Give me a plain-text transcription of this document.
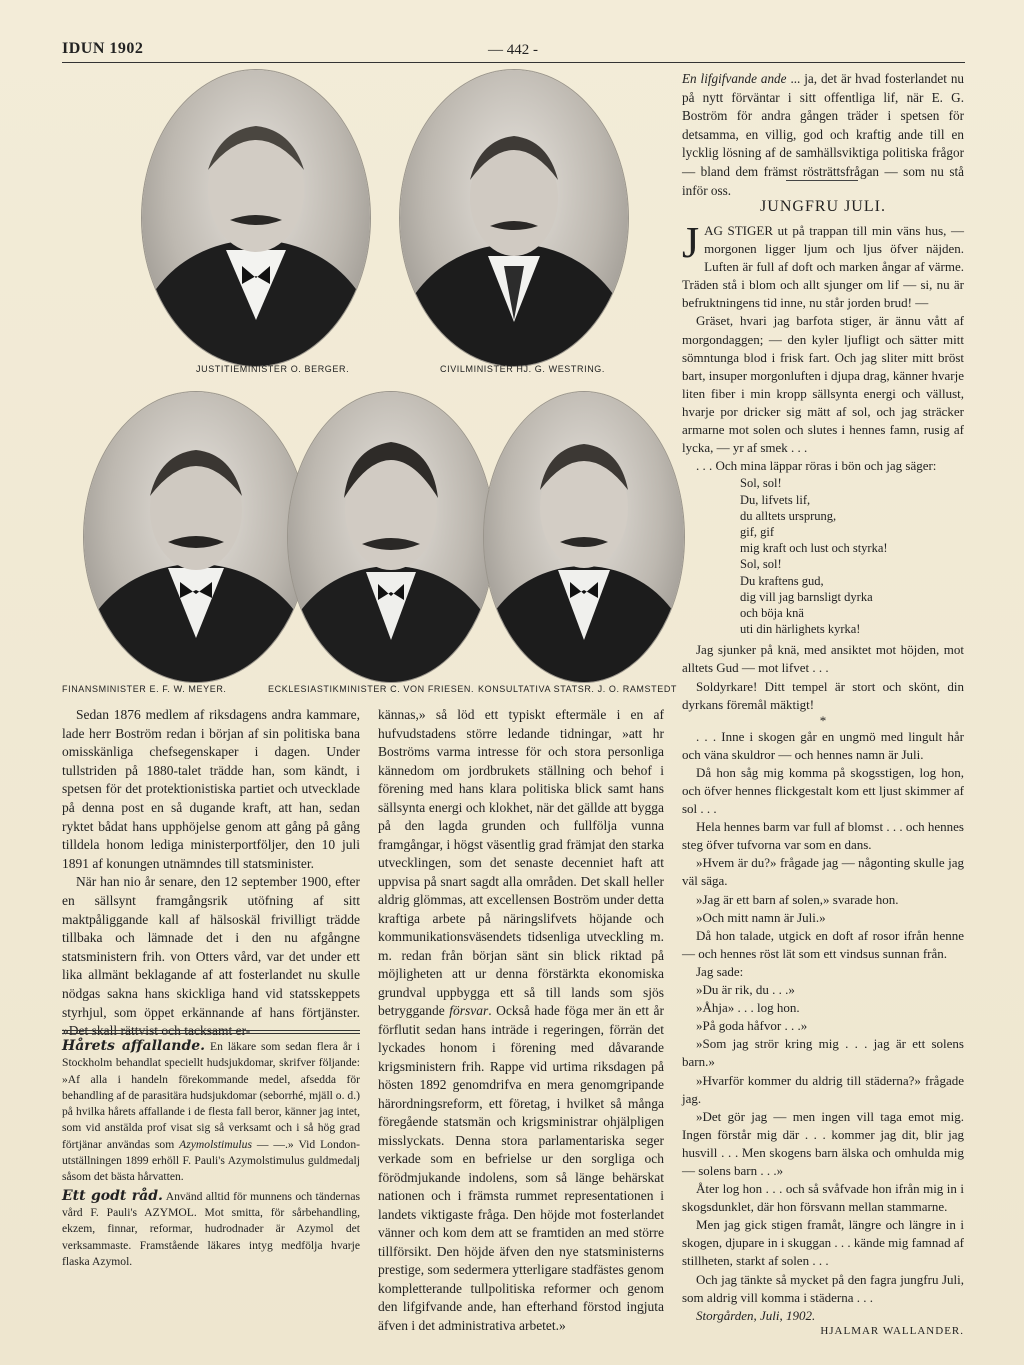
IDUN 1902	— 442 -
JUSTITIEMINISTER O. BERGER.	CIVILMINISTER HJ. G. WESTRING.
FINANSMINISTER E. F. W. MEYER.	ECKLESIASTIKMINISTER C. VON FRIESEN. KONSULTATIVA STATSR. J. O. RAMSTEDT

En lifgifvande ande ... ja, det är hvad fosterlandet nu på nytt förväntar i sitt offentliga lif, när E. G. Boström för andra gången träder i spetsen för detsamma, en villig, god och kraftig ande till en lycklig lösning af de samhällsviktiga politiska frågor — bland dem främst rösträttsfrågan — som nu stå inför oss.

JUNGFRU JULI.

JAG STIGER ut på trappan till min väns hus, — morgonen ligger ljum och ljus öfver näjden. Luften är full af doft och marken ångar af värme. Träden stå i blom och allt sjunger om lif — si, nu är befruktningens tid inne, nu står jorden brud! —

Gräset, hvari jag barfota stiger, är ännu vått af morgondaggen; — den kyler ljufligt och sätter mitt sömntunga blod i frisk fart. Och jag sliter mitt bröst bart, insuper morgonluften i djupa drag, känner hvarje liten fiber i min kropp sällsynta energi och vällust, hvarje por dricker sig mätt af sol, och jag sträcker armarne mot solen och slutes i hennes famn, rusig af lycka, — yr af smek . . .

. . . Och mina läppar röras i bön och jag säger:

Sol, sol!
Du, lifvets lif,
du alltets ursprung,
gif, gif
mig kraft och lust och styrka!
Sol, sol!
Du kraftens gud,
dig vill jag barnsligt dyrka
och böja knä
uti din härlighets kyrka!

Jag sjunker på knä, med ansiktet mot höjden, mot alltets Gud — mot lifvet . . .

Soldyrkare! Ditt tempel är stort och skönt, din dyrkans föremål mäktigt!

*

. . . Inne i skogen går en ungmö med lingult hår och väna skuldror — och hennes namn är Juli.

Då hon såg mig komma på skogsstigen, log hon, och öfver hennes flickgestalt kom ett ljust skimmer af sol . . .

Hela hennes barm var full af blomst . . . och hennes steg öfver tufvorna var som en dans.

»Hvem är du?» frågade jag — någonting skulle jag väl säga.

»Jag är ett barn af solen,» svarade hon.

»Och mitt namn är Juli.»

Då hon talade, utgick en doft af rosor ifrån henne — och hennes röst lät som ett vindsus sunnan från.

Jag sade:

»Du är rik, du . . .»

»Åhja» . . . log hon.

»På goda håfvor . . .»

»Som jag strör kring mig . . . jag är ett solens barn.»

»Hvarför kommer du aldrig till städerna?» frågade jag.

»Det gör jag — men ingen vill taga emot mig. Ingen förstår mig där . . . kommer jag dit, blir jag husvill . . . Men skogens barn älska och omhulda mig — solens barn . . .»

Åter log hon . . . och så svåfvade hon ifrån mig in i skogsdunklet, där hon försvann mellan stammarne.

Men jag gick stigen framåt, längre och längre in i skogen, djupare in i skuggan . . . kände mig famnad af stillheten, starkt af solen . . .

Och jag tänkte så mycket på den fagra jungfru Juli, som aldrig vill komma i städerna . . .

Storgården, Juli, 1902.

HJALMAR WALLANDER.

Sedan 1876 medlem af riksdagens andra kammare, lade herr Boström redan i början af sin politiska bana omisskänliga chefsegenskaper i dagen. Under tullstriden på 1880-talet trädde han, som kändt, i spetsen för det protektionistiska partiet och utvecklade på denna post en så dugande kraft, att han, sedan ryktet bådat hans upphöjelse genom att gång på gång tilldela honom lediga ministerportföljer, den 10 juli 1891 af konungen utnämndes till statsminister.

När han nio år senare, den 12 september 1900, efter en sällsynt framgångsrik utöfning af sitt maktpåliggande kall af hälsoskäl frivilligt trädde tillbaka och lämnade det i den nu afgångne statsministern frih. von Otters vård, var det under ett lika allmänt beklagande af att fosterlandet nu skulle nödgas sakna hans skickliga hand vid statsskeppets styrhjul, som öppet erkännande af hans förtjänster. »Det skall rättvist och tacksamt er-

Hårets affallande. En läkare som sedan flera år i Stockholm behandlat speciellt hudsjukdomar, skrifver följande: »Af alla i handeln förekommande medel, afsedda för behandling af de parasitära hudsjukdomar (seborrhé, mjäll o. d.) på hvilka hårets affallande i de flesta fall beror, känner jag intet, som vid anstälda prof visat sig så verksamt och i så hög grad förtjänar användas som Azymolstimulus — —.» Vid London-utställningen 1899 erhöll F. Pauli's Azymolstimulus guldmedalj såsom det bästa hårvatten.

Ett godt råd. Använd alltid för munnens och tändernas vård F. Pauli's AZYMOL. Mot smitta, för sårbehandling, ekzem, finnar, reformar, hudrodnader är Azymol det verksammaste. Framstående läkares intyg medfölja hvarje flaska Azymol.

kännas,» så löd ett typiskt eftermäle i en af hufvudstadens större ledande tidningar, »att hr Boströms varma intresse för och stora personliga kännedom om jordbrukets ställning och behof i förening med hans klara politiska blick samt hans sällsynta energi och klokhet, när det gällde att bygga på den lagda grunden och fullfölja vunna framgångar, i högst väsentlig grad främjat den starka utvecklingen, som det senaste decenniet haft att uppvisa på snart sagdt alla områden. Det skall heller aldrig glömmas, att excellensen Boström under detta kraftiga arbete på näringslifvets höjande och kommunikationsväsendets tidsenliga utveckling m. m. redan från början sänt sin blick riktad på möjligheten att ur denna förstärkta ekonomiska grundval uppbygga ett så till lands som sjös betryggande försvar. Också hade föga mer än ett år förflutit sedan hans inträde i regeringen, förrän det lyckades honom i förening med dåvarande krigsministern frih. Rappe vid urtima riksdagen på hösten 1892 genomdrifva en mera genomgripande härordningsreform, ett företag, i hvilket så många föregående statsmän och krigsministrar ohjälpligen misslyckats. Denna stora parlamentariska seger verkade som en befrielse ur den sorgliga och förödmjukande indolens, som så länge behärskat nationen och i främsta rummet representationen i landets viktigaste fråga. Den höjde mot fosterlandet vänner och kom dem att se framtiden an med större tillförsikt. Den höjde äfven den nye statsministerns prestige, som sedermera ytterligare stadfästes genom kompletterande tullpolitiska reformer och genom den lifgifvande ande, han efterhand förstod ingjuta äfven i det administrativa arbetet.»
